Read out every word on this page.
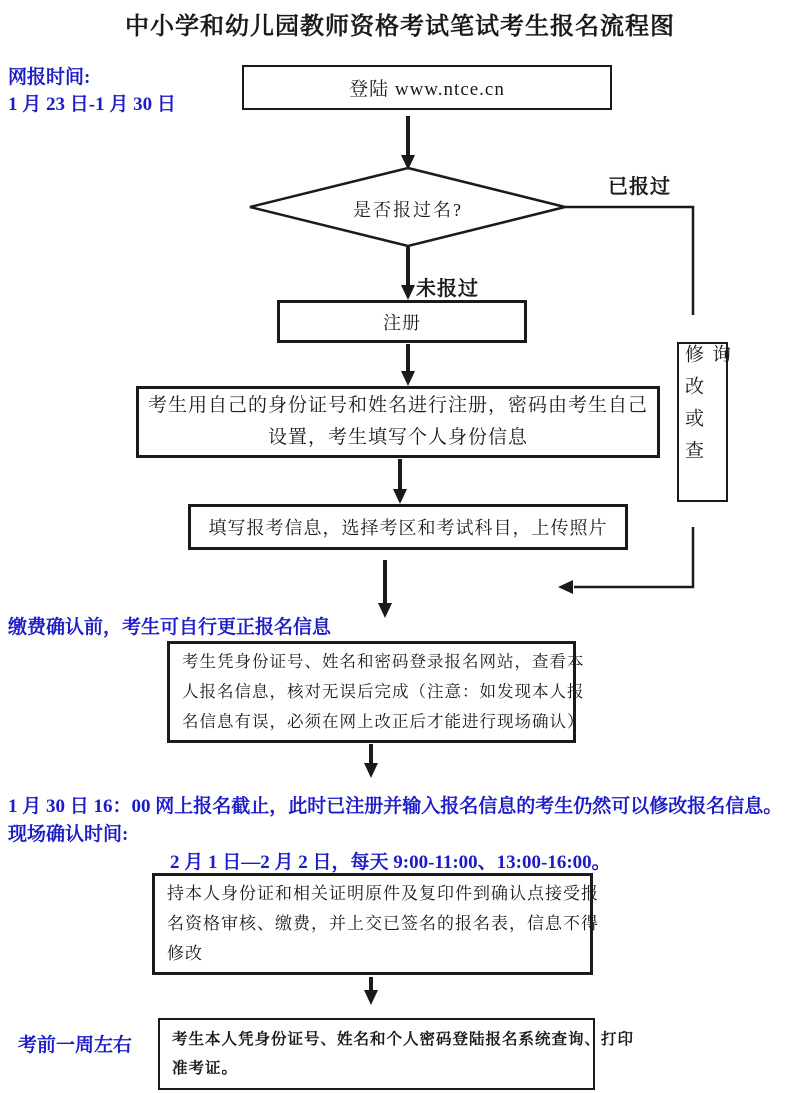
中小学和幼儿园教师资格考试笔试考生报名流程图
网报时间:
1 月 23 日-1 月 30 日
登陆 www.ntce.cn
是否报过名?
已报过
未报过
注册
考生用自己的身份证号和姓名进行注册，密码由考生自己
设置，考生填写个人身份信息	修改或查询
填写报考信息，选择考区和考试科目，上传照片
缴费确认前，考生可自行更正报名信息
考生凭身份证号、姓名和密码登录报名网站，查看本
人报名信息，核对无误后完成（注意：如发现本人报
名信息有误，必须在网上改正后才能进行现场确认）
1 月 30 日 16：00 网上报名截止，此时已注册并输入报名信息的考生仍然可以修改报名信息。
现场确认时间:
2 月 1 日—2 月 2 日，每天 9:00-11:00、13:00-16:00。
持本人身份证和相关证明原件及复印件到确认点接受报
名资格审核、缴费，并上交已签名的报名表，信息不得
修改
考前一周左右	考生本人凭身份证号、姓名和个人密码登陆报名系统查询、打印
准考证。
